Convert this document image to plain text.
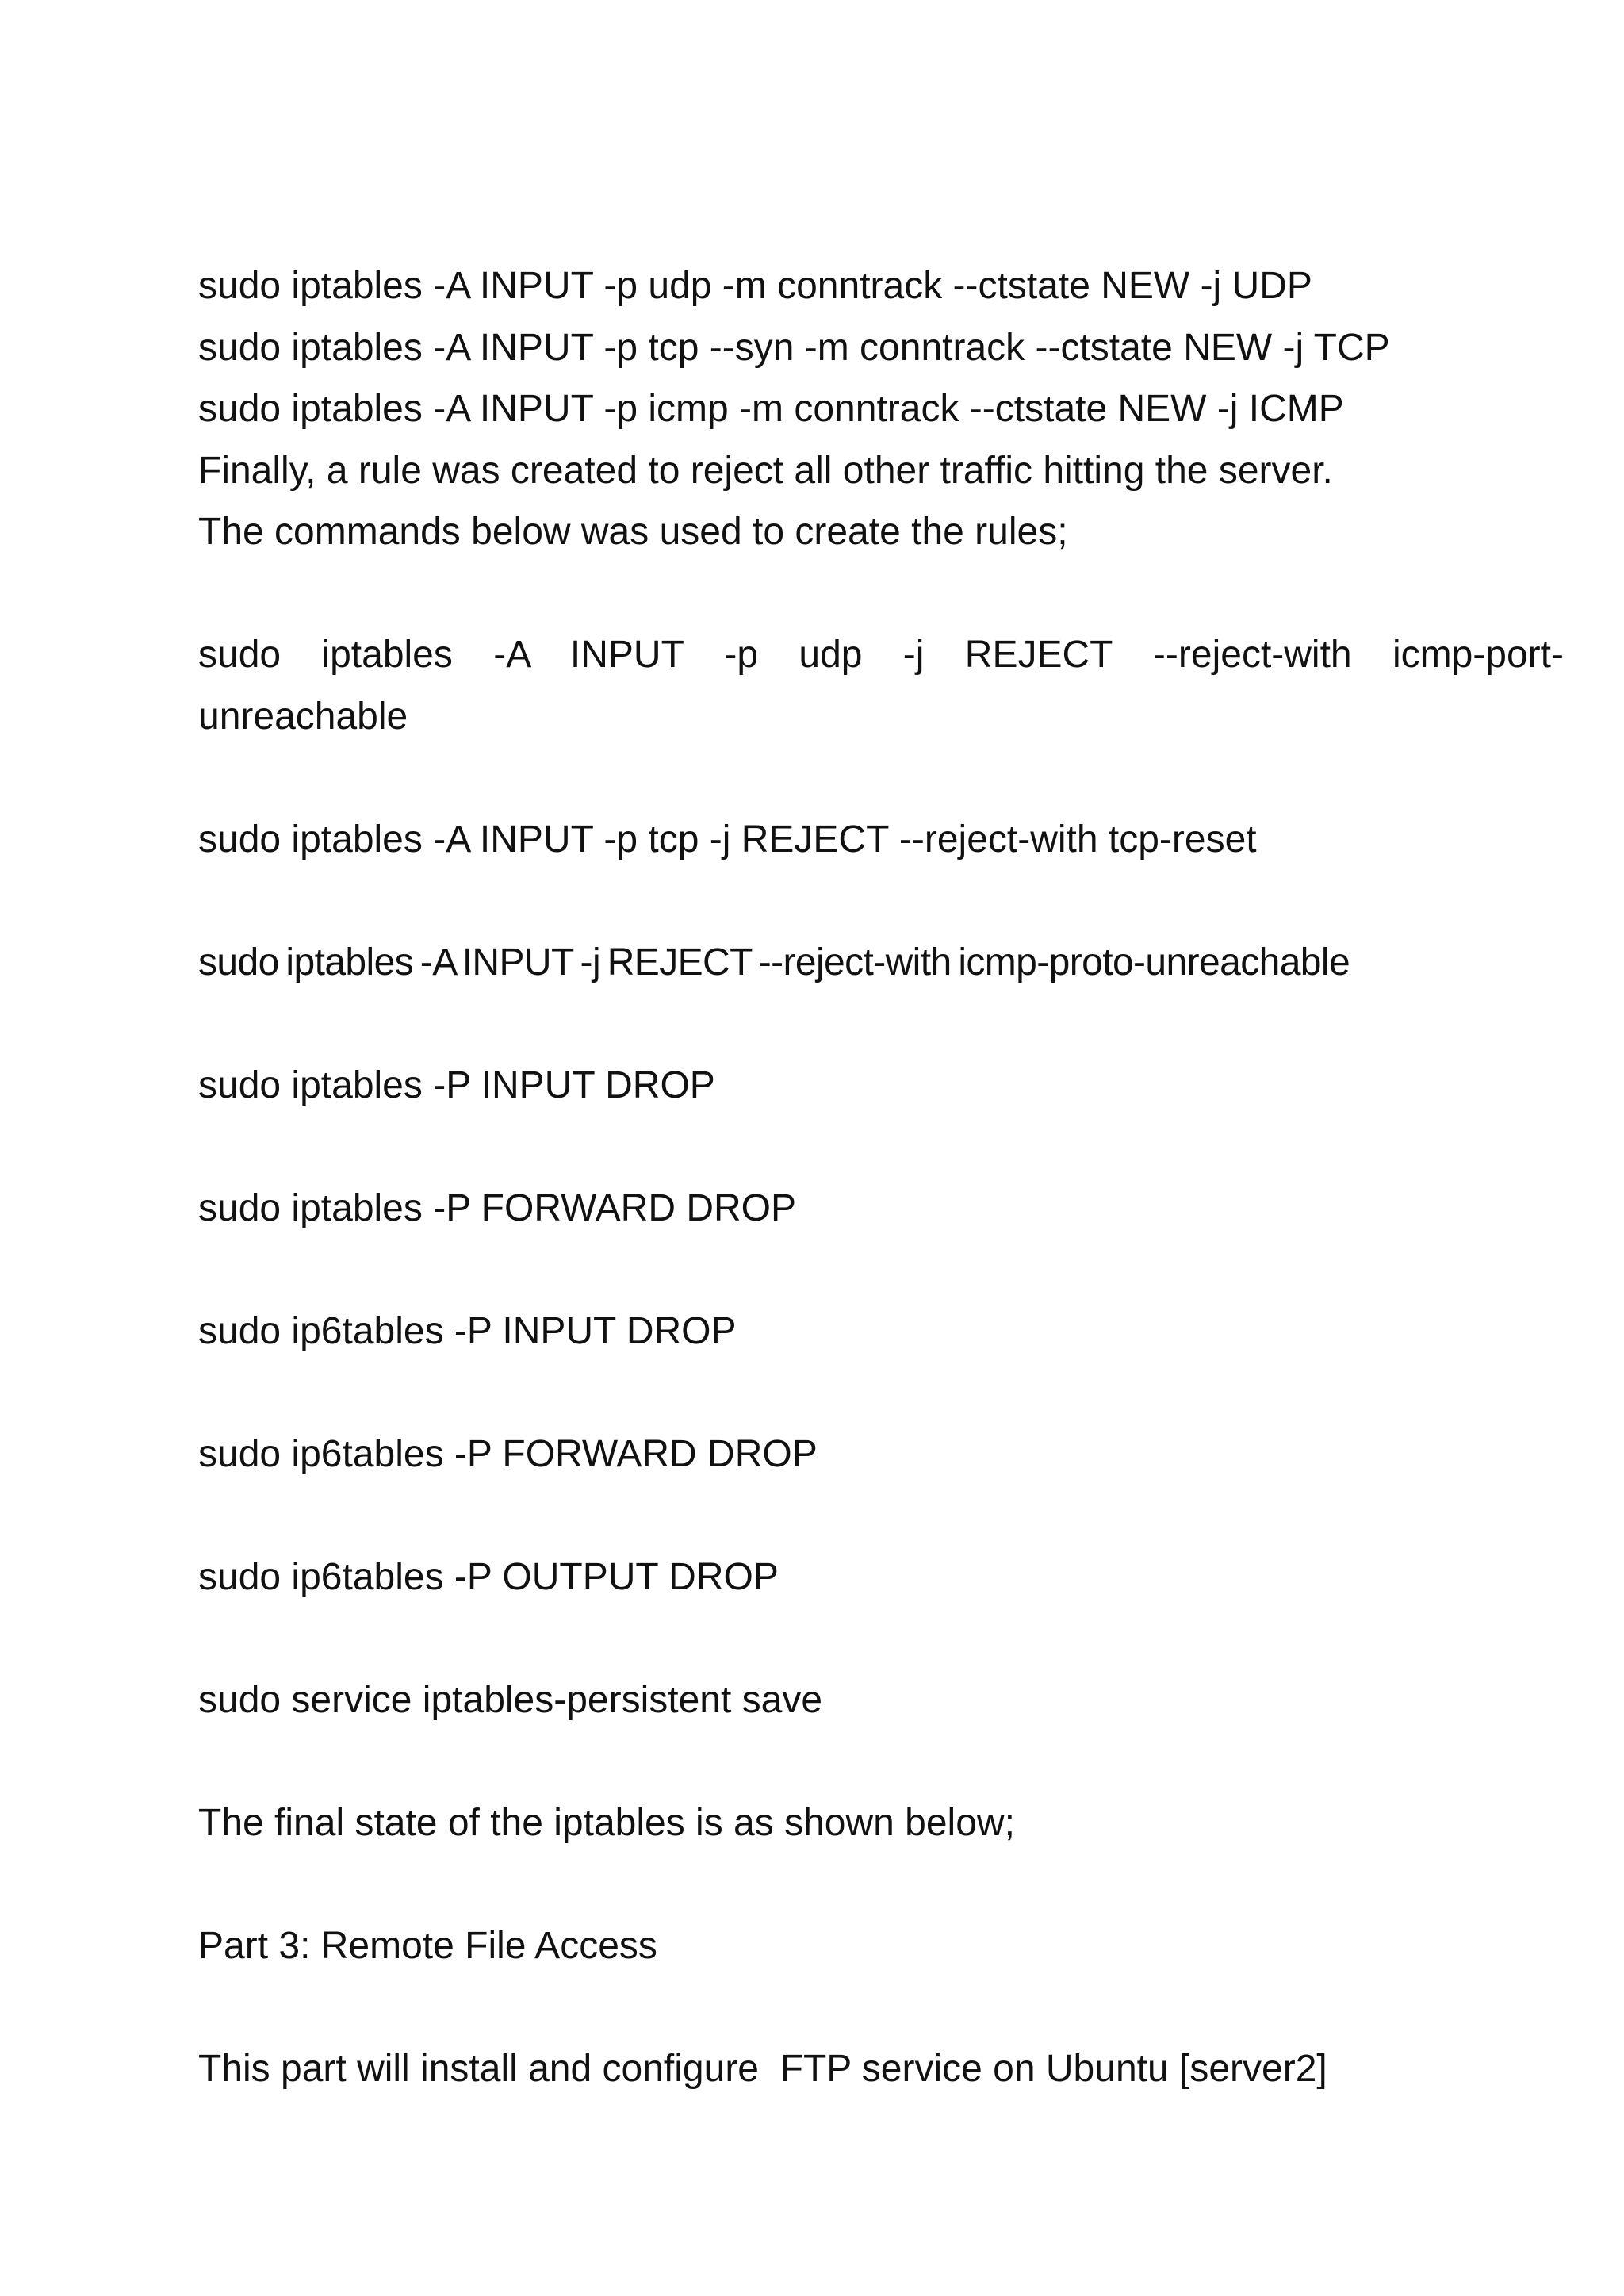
sudo iptables -A INPUT -p udp -m conntrack --ctstate NEW -j UDP
sudo iptables -A INPUT -p tcp --syn -m conntrack --ctstate NEW -j TCP
sudo iptables -A INPUT -p icmp -m conntrack --ctstate NEW -j ICMP
Finally, a rule was created to reject all other traffic hitting the server.
The commands below was used to create the rules;
sudo iptables -A INPUT -p udp -j REJECT --reject-with icmp-port-
unreachable
sudo iptables -A INPUT -p tcp -j REJECT --reject-with tcp-reset
sudo iptables -A INPUT -j REJECT --reject-with icmp-proto-unreachable
sudo iptables -P INPUT DROP
sudo iptables -P FORWARD DROP
sudo ip6tables -P INPUT DROP
sudo ip6tables -P FORWARD DROP
sudo ip6tables -P OUTPUT DROP
sudo service iptables-persistent save
The final state of the iptables is as shown below;
Part 3: Remote File Access
This part will install and configure  FTP service on Ubuntu [server2]
